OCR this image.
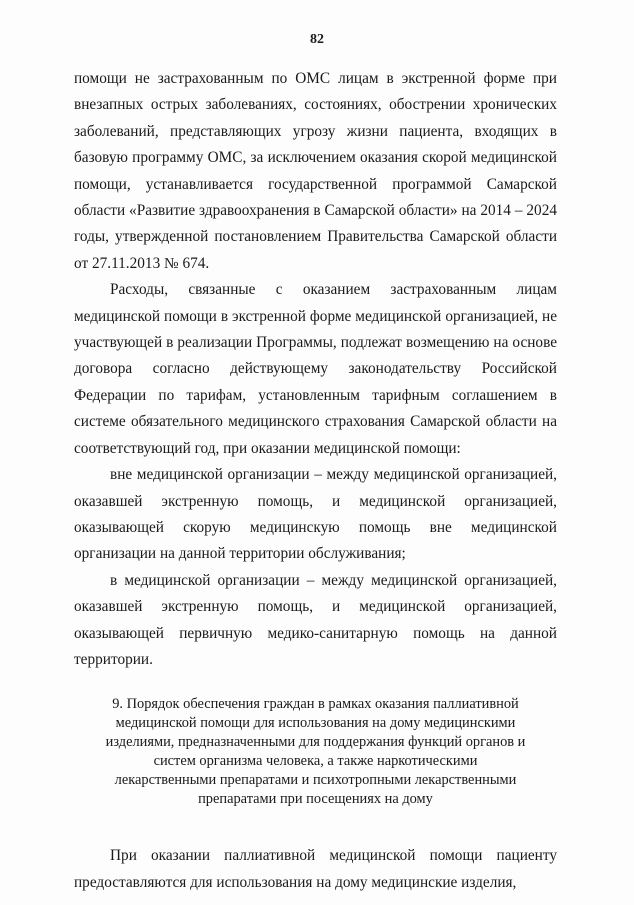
82

помощи не застрахованным по ОМС лицам в экстренной форме при внезапных острых заболеваниях, состояниях, обострении хронических заболеваний, представляющих угрозу жизни пациента, входящих в базовую программу ОМС, за исключением оказания скорой медицинской помощи, устанавливается государственной программой Самарской области «Развитие здравоохранения в Самарской области» на 2014 – 2024 годы, утвержденной постановлением Правительства Самарской области от 27.11.2013 № 674.

Расходы, связанные с оказанием застрахованным лицам медицинской помощи в экстренной форме медицинской организацией, не участвующей в реализации Программы, подлежат возмещению на основе договора согласно действующему законодательству Российской Федерации по тарифам, установленным тарифным соглашением в системе обязательного медицинского страхования Самарской области на соответствующий год, при оказании медицинской помощи:

вне медицинской организации – между медицинской организацией, оказавшей экстренную помощь, и медицинской организацией, оказывающей скорую медицинскую помощь вне медицинской организации на данной территории обслуживания;

в медицинской организации – между медицинской организацией, оказавшей экстренную помощь, и медицинской организацией, оказывающей первичную медико-санитарную помощь на данной территории.

9. Порядок обеспечения граждан в рамках оказания паллиативной медицинской помощи для использования на дому медицинскими изделиями, предназначенными для поддержания функций органов и систем организма человека, а также наркотическими лекарственными препаратами и психотропными лекарственными препаратами при посещениях на дому

При оказании паллиативной медицинской помощи пациенту предоставляются для использования на дому медицинские изделия,
